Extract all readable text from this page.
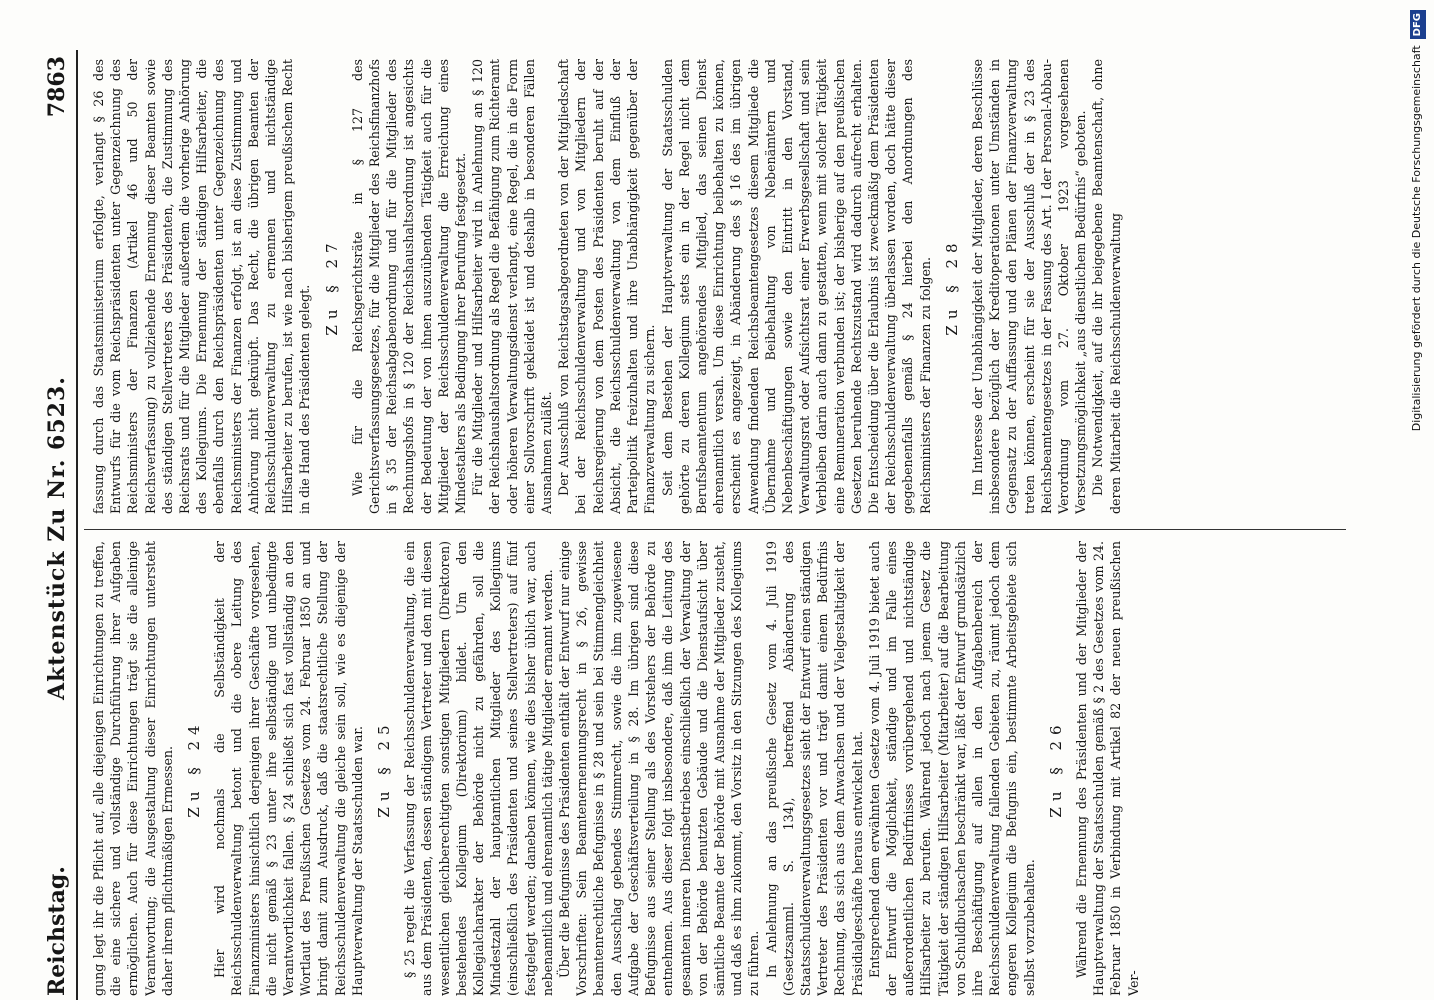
Reichstag.
Aktenstück Zu Nr. 6523.
7863

gung legt ihr die Pflicht auf, alle diejenigen Einrichtungen zu treffen, die eine sichere und vollständige Durchführung ihrer Aufgaben ermöglichen. Auch für diese Einrichtungen trägt sie die alleinige Verantwortung; die Ausgestaltung dieser Einrichtungen untersteht daher ihrem pflichtmäßigen Ermessen. Zu § 24 Hier wird nochmals die Selbständigkeit der Reichsschuldenverwaltung betont und die obere Leitung des Finanzministers hinsichtlich derjenigen ihrer Geschäfte vorgesehen, die nicht gemäß § 23 unter ihre selbständige und unbedingte Verantwortlichkeit fallen. § 24 schließt sich fast vollständig an den Wortlaut des Preußischen Gesetzes vom 24. Februar 1850 an und bringt damit zum Ausdruck, daß die staatsrechtliche Stellung der Reichsschuldenverwaltung die gleiche sein soll, wie es diejenige der Hauptverwaltung der Staatsschulden war. Zu § 25 § 25 regelt die Verfassung der Reichsschuldenverwaltung, die ein aus dem Präsidenten, dessen ständigem Vertreter und den mit diesen wesentlichen gleichberechtigten sonstigen Mitgliedern (Direktoren) bestehendes Kollegium (Direktorium) bildet. Um den Kollegialcharakter der Behörde nicht zu gefährden, soll die Mindestzahl der hauptamtlichen Mitglieder des Kollegiums (einschließlich des Präsidenten und seines Stellvertreters) auf fünf festgelegt werden; daneben können, wie dies bisher üblich war, auch nebenamtlich und ehrenamtlich tätige Mitglieder ernannt werden. Über die Befugnisse des Präsidenten enthält der Entwurf nur einige Vorschriften: Sein Beamtenernennungsrecht in § 26, gewisse beamtenrechtliche Befugnisse in § 28 und sein bei Stimmengleichheit den Ausschlag gebendes Stimmrecht, sowie die ihm zugewiesene Aufgabe der Geschäftsverteilung in § 28. Im übrigen sind diese Befugnisse aus seiner Stellung als des Vorstehers der Behörde zu entnehmen. Aus dieser folgt insbesondere, daß ihm die Leitung des gesamten inneren Dienstbetriebes einschließlich der Verwaltung der von der Behörde benutzten Gebäude und die Dienstaufsicht über sämtliche Beamte der Behörde mit Ausnahme der Mitglieder zusteht, und daß es ihm zukommt, den Vorsitz in den Sitzungen des Kollegiums zu führen. In Anlehnung an das preußische Gesetz vom 4. Juli 1919 (Gesetzsamml. S. 134), betreffend Abänderung des Staatsschuldenverwaltungsgesetzes sieht der Entwurf einen ständigen Vertreter des Präsidenten vor und trägt damit einem Bedürfnis Rechnung, das sich aus dem Anwachsen und der Vielgestaltigkeit der Präsidialgeschäfte heraus entwickelt hat. Entsprechend dem erwähnten Gesetze vom 4. Juli 1919 bietet auch der Entwurf die Möglichkeit, ständige und im Falle eines außerordentlichen Bedürfnisses vorübergehend und nichtständige Hilfsarbeiter zu berufen. Während jedoch nach jenem Gesetz die Tätigkeit der ständigen Hilfsarbeiter (Mitarbeiter) auf die Bearbeitung von Schuldbuchsachen beschränkt war, läßt der Entwurf grundsätzlich ihre Beschäftigung auf allen in den Aufgabenbereich der Reichsschuldenverwaltung fallenden Gebieten zu, räumt jedoch dem engeren Kollegium die Befugnis ein, bestimmte Arbeitsgebiete sich selbst vorzubehalten.

Zu § 26 Während die Ernennung des Präsidenten und der Mitglieder der Hauptverwaltung der Staatsschulden gemäß § 2 des Gesetzes vom 24. Februar 1850 in Verbindung mit Artikel 82 der neuen preußischen Ver-

fassung durch das Staatsministerium erfolgte, verlangt § 26 des Entwurfs für die vom Reichspräsidenten unter Gegenzeichnung des Reichsministers der Finanzen (Artikel 46 und 50 der Reichsverfassung) zu vollziehende Ernennung dieser Beamten sowie des ständigen Stellvertreters des Präsidenten, die Zustimmung des Reichsrats und für die Mitglieder außerdem die vorherige Anhörung des Kollegiums. Die Ernennung der ständigen Hilfsarbeiter, die ebenfalls durch den Reichspräsidenten unter Gegenzeichnung des Reichsministers der Finanzen erfolgt, ist an diese Zustimmung und Anhörung nicht geknüpft. Das Recht, die übrigen Beamten der Reichsschuldenverwaltung zu ernennen und nichtständige Hilfsarbeiter zu berufen, ist wie nach bisherigem preußischem Recht in die Hand des Präsidenten gelegt. Zu § 27 Wie für die Reichsgerichtsräte in § 127 des Gerichtsverfassungsgesetzes, für die Mitglieder des Reichsfinanzhofs in § 35 der Reichsabgabenordnung und für die Mitglieder des Rechnungshofs in § 120 der Reichshaushaltsordnung ist angesichts der Bedeutung der von ihnen auszuübenden Tätigkeit auch für die Mitglieder der Reichsschuldenverwaltung die Erreichung eines Mindestalters als Bedingung ihrer Berufung festgesetzt. Für die Mitglieder und Hilfsarbeiter wird in Anlehnung an § 120 der Reichshaushaltsordnung als Regel die Befähigung zum Richteramt oder höheren Verwaltungsdienst verlangt, eine Regel, die in die Form einer Sollvorschrift gekleidet ist und deshalb in besonderen Fällen Ausnahmen zuläßt. Der Ausschluß von Reichstagsabgeordneten von der Mitgliedschaft bei der Reichsschuldenverwaltung und von Mitgliedern der Reichsregierung von dem Posten des Präsidenten beruht auf der Absicht, die Reichsschuldenverwaltung von dem Einfluß der Parteipolitik freizuhalten und ihre Unabhängigkeit gegenüber der Finanzverwaltung zu sichern. Seit dem Bestehen der Hauptverwaltung der Staatsschulden gehörte zu deren Kollegium stets ein in der Regel nicht dem Berufsbeamtentum angehörendes Mitglied, das seinen Dienst ehrenamtlich versah. Um diese Einrichtung beibehalten zu können, erscheint es angezeigt, in Abänderung des § 16 des im übrigen Anwendung findenden Reichsbeamtengesetzes diesem Mitgliede die Übernahme und Beibehaltung von Nebenämtern und Nebenbeschäftigungen sowie den Eintritt in den Vorstand, Verwaltungsrat oder Aufsichtsrat einer Erwerbsgesellschaft und sein Verbleiben darin auch dann zu gestatten, wenn mit solcher Tätigkeit eine Remuneration verbunden ist; der bisherige auf den preußischen Gesetzen beruhende Rechtszustand wird dadurch aufrecht erhalten. Die Entscheidung über die Erlaubnis ist zweckmäßig dem Präsidenten der Reichsschuldenverwaltung überlassen worden, doch hätte dieser gegebenenfalls gemäß § 24 hierbei den Anordnungen des Reichsministers der Finanzen zu folgen. Zu § 28 Im Interesse der Unabhängigkeit der Mitglieder, deren Beschlüsse insbesondere bezüglich der Kreditoperationen unter Umständen in Gegensatz zu der Auffassung und den Plänen der Finanzverwaltung treten können, erscheint für sie der Ausschluß der in § 23 des Reichsbeamtengesetzes in der Fassung des Art. I der Personal-Abbau-Verordnung vom 27. Oktober 1923 vorgesehenen Versetzungsmöglichkeit „aus dienstlichem Bedürfnis“ geboten. Die Notwendigkeit, auf die ihr beigegebene Beamtenschaft, ohne deren Mitarbeit die Reichsschuldenverwaltung	Digitalisierung gefördert durch die Deutsche ForschungsgemeinschaftDFG
